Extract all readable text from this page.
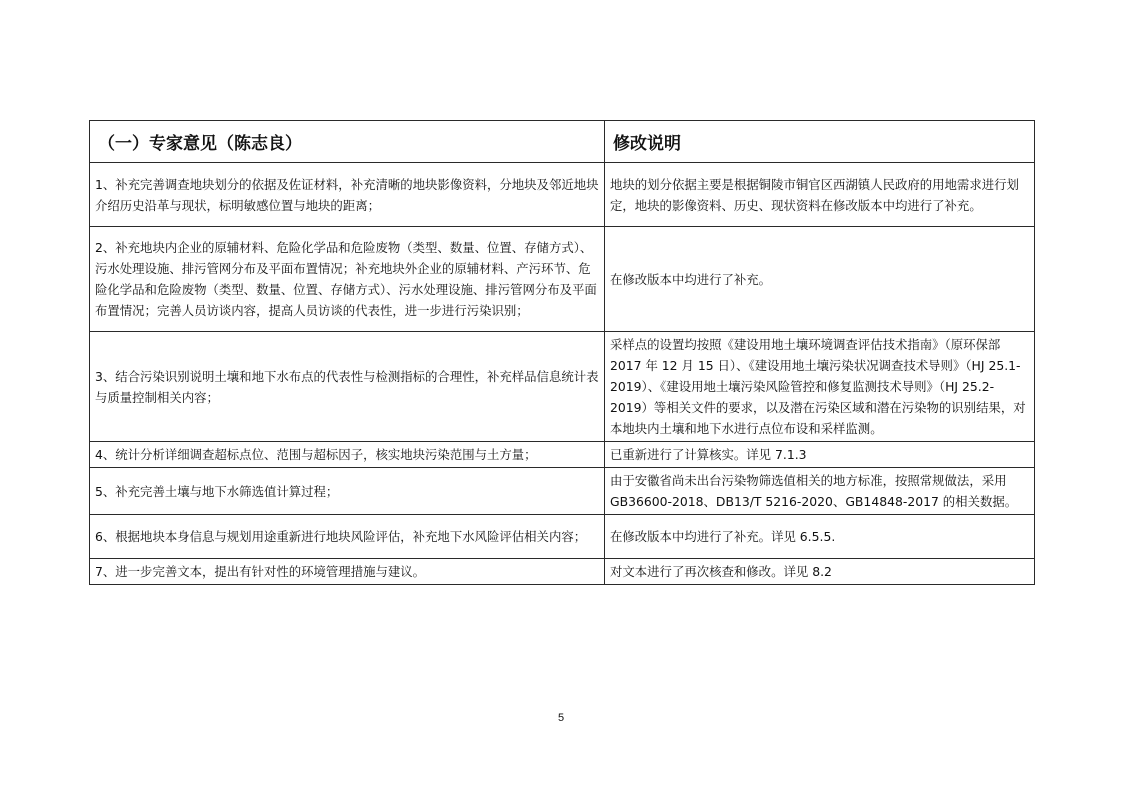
（一）专家意见（陈志良）	修改说明
1、补充完善调查地块划分的依据及佐证材料，补充清晰的地块影像资料，分地块及邻近地块介绍历史沿革与现状，标明敏感位置与地块的距离；	地块的划分依据主要是根据铜陵市铜官区西湖镇人民政府的用地需求进行划定，地块的影像资料、历史、现状资料在修改版本中均进行了补充。
2、补充地块内企业的原辅材料、危险化学品和危险废物（类型、数量、位置、存储方式）、污水处理设施、排污管网分布及平面布置情况；补充地块外企业的原辅材料、产污环节、危险化学品和危险废物（类型、数量、位置、存储方式）、污水处理设施、排污管网分布及平面布置情况；完善人员访谈内容，提高人员访谈的代表性，进一步进行污染识别；	在修改版本中均进行了补充。
3、结合污染识别说明土壤和地下水布点的代表性与检测指标的合理性，补充样品信息统计表与质量控制相关内容；	采样点的设置均按照《建设用地土壤环境调查评估技术指南》（原环保部 2017 年 12 月 15 日）、《建设用地土壤污染状况调查技术导则》（HJ 25.1-2019）、《建设用地土壤污染风险管控和修复监测技术导则》（HJ 25.2-2019）等相关文件的要求，以及潜在污染区域和潜在污染物的识别结果，对本地块内土壤和地下水进行点位布设和采样监测。
4、统计分析详细调查超标点位、范围与超标因子，核实地块污染范围与土方量；	已重新进行了计算核实。详见 7.1.3
5、补充完善土壤与地下水筛选值计算过程；	由于安徽省尚未出台污染物筛选值相关的地方标准，按照常规做法，采用 GB36600-2018、DB13/T 5216-2020、GB14848-2017 的相关数据。
6、根据地块本身信息与规划用途重新进行地块风险评估，补充地下水风险评估相关内容；	在修改版本中均进行了补充。详见 6.5.5.
7、进一步完善文本，提出有针对性的环境管理措施与建议。	对文本进行了再次核查和修改。详见 8.2
5
